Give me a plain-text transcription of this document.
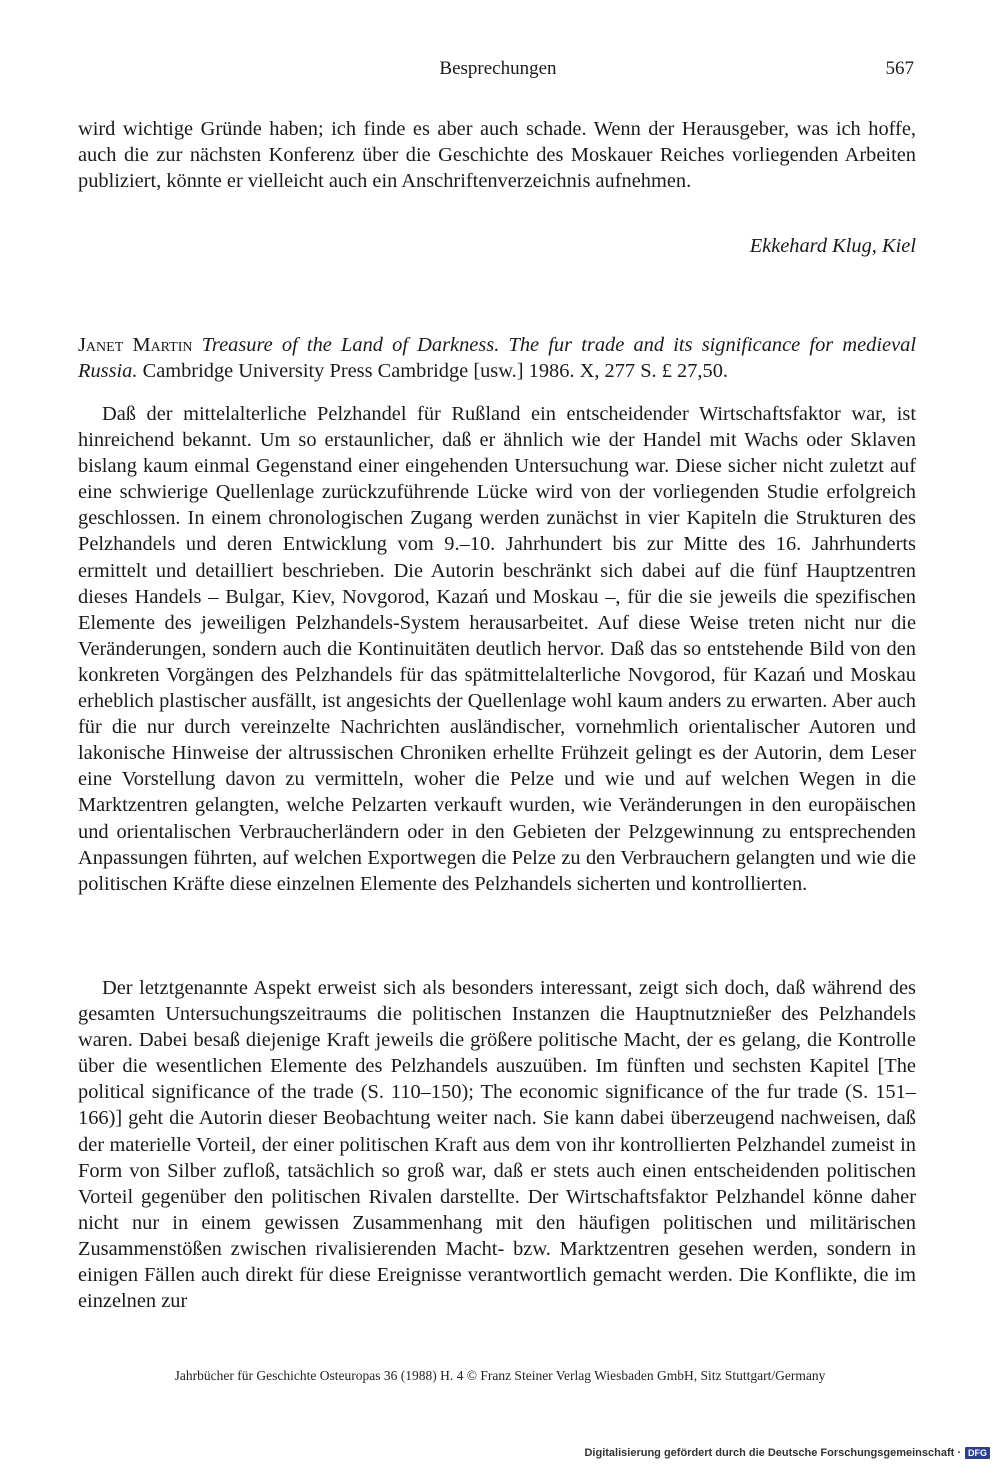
Besprechungen	567
wird wichtige Gründe haben; ich finde es aber auch schade. Wenn der Herausgeber, was ich hoffe, auch die zur nächsten Konferenz über die Geschichte des Moskauer Reiches vorliegenden Arbeiten publiziert, könnte er vielleicht auch ein Anschriftenverzeichnis aufnehmen.
Ekkehard Klug, Kiel
Janet Martin Treasure of the Land of Darkness. The fur trade and its significance for medieval Russia. Cambridge University Press Cambridge [usw.] 1986. X, 277 S. £ 27,50.
Daß der mittelalterliche Pelzhandel für Rußland ein entscheidender Wirtschaftsfaktor war, ist hinreichend bekannt. Um so erstaunlicher, daß er ähnlich wie der Handel mit Wachs oder Sklaven bislang kaum einmal Gegenstand einer eingehenden Untersuchung war. Diese sicher nicht zuletzt auf eine schwierige Quellenlage zurückzuführende Lücke wird von der vorliegenden Studie erfolgreich geschlossen. In einem chronologischen Zugang werden zunächst in vier Kapiteln die Strukturen des Pelzhandels und deren Entwicklung vom 9.–10. Jahrhundert bis zur Mitte des 16. Jahrhunderts ermittelt und detailliert beschrieben. Die Autorin beschränkt sich dabei auf die fünf Hauptzentren dieses Handels – Bulgar, Kiev, Novgorod, Kazań und Moskau –, für die sie jeweils die spezifischen Elemente des jeweiligen Pelzhandels-System herausarbeitet. Auf diese Weise treten nicht nur die Veränderungen, sondern auch die Kontinuitäten deutlich hervor. Daß das so entstehende Bild von den konkreten Vorgängen des Pelzhandels für das spätmittelalterliche Novgorod, für Kazań und Moskau erheblich plastischer ausfällt, ist angesichts der Quellenlage wohl kaum anders zu erwarten. Aber auch für die nur durch vereinzelte Nachrichten ausländischer, vornehmlich orientalischer Autoren und lakonische Hinweise der altrussischen Chroniken erhellte Frühzeit gelingt es der Autorin, dem Leser eine Vorstellung davon zu vermitteln, woher die Pelze und wie und auf welchen Wegen in die Marktzentren gelangten, welche Pelzarten verkauft wurden, wie Veränderungen in den europäischen und orientalischen Verbraucherländern oder in den Gebieten der Pelzgewinnung zu entsprechenden Anpassungen führten, auf welchen Exportwegen die Pelze zu den Verbrauchern gelangten und wie die politischen Kräfte diese einzelnen Elemente des Pelzhandels sicherten und kontrollierten.
Der letztgenannte Aspekt erweist sich als besonders interessant, zeigt sich doch, daß während des gesamten Untersuchungszeitraums die politischen Instanzen die Hauptnutznießer des Pelzhandels waren. Dabei besaß diejenige Kraft jeweils die größere politische Macht, der es gelang, die Kontrolle über die wesentlichen Elemente des Pelzhandels auszuüben. Im fünften und sechsten Kapitel [The political significance of the trade (S. 110–150); The economic significance of the fur trade (S. 151–166)] geht die Autorin dieser Beobachtung weiter nach. Sie kann dabei überzeugend nachweisen, daß der materielle Vorteil, der einer politischen Kraft aus dem von ihr kontrollierten Pelzhandel zumeist in Form von Silber zufloß, tatsächlich so groß war, daß er stets auch einen entscheidenden politischen Vorteil gegenüber den politischen Rivalen darstellte. Der Wirtschaftsfaktor Pelzhandel könne daher nicht nur in einem gewissen Zusammenhang mit den häufigen politischen und militärischen Zusammenstößen zwischen rivalisierenden Macht- bzw. Marktzentren gesehen werden, sondern in einigen Fällen auch direkt für diese Ereignisse verantwortlich gemacht werden. Die Konflikte, die im einzelnen zur
Jahrbücher für Geschichte Osteuropas 36 (1988) H. 4 © Franz Steiner Verlag Wiesbaden GmbH, Sitz Stuttgart/Germany
Digitalisierung gefördert durch die Deutsche Forschungsgemeinschaft · DFG
